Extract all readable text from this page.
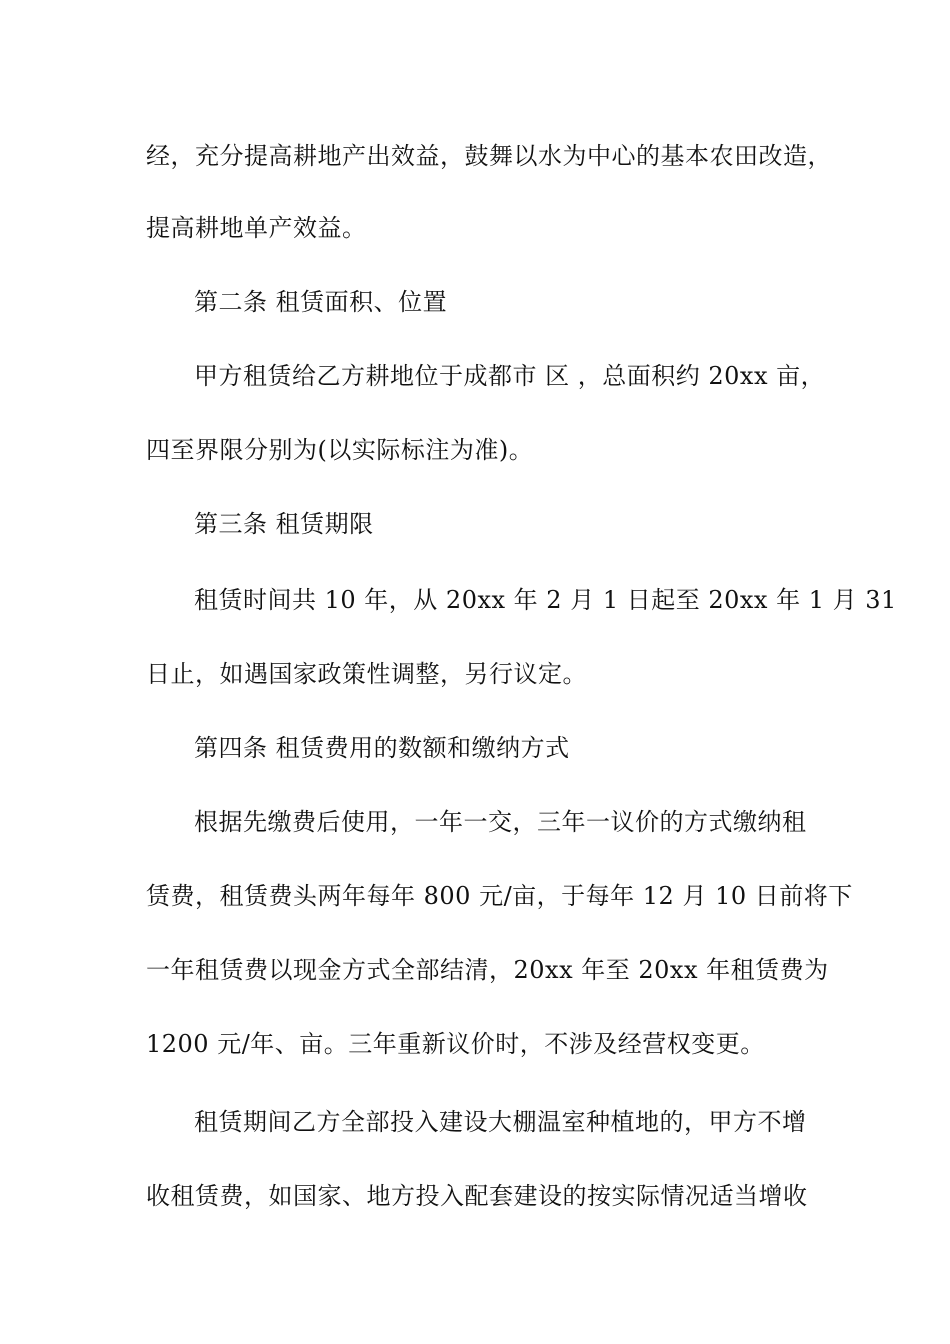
经，充分提高耕地产出效益，鼓舞以水为中心的基本农田改造，
提高耕地单产效益。
第二条 租赁面积、位置
甲方租赁给乙方耕地位于成都市 区 ，总面积约 20xx 亩，
四至界限分别为(以实际标注为准)。
第三条 租赁期限
租赁时间共 10 年，从 20xx 年 2 月 1 日起至 20xx 年 1 月 31
日止，如遇国家政策性调整，另行议定。
第四条 租赁费用的数额和缴纳方式
根据先缴费后使用，一年一交，三年一议价的方式缴纳租
赁费，租赁费头两年每年 800 元/亩，于每年 12 月 10 日前将下
一年租赁费以现金方式全部结清，20xx 年至 20xx 年租赁费为
1200 元/年、亩。三年重新议价时，不涉及经营权变更。
租赁期间乙方全部投入建设大棚温室种植地的，甲方不增
收租赁费，如国家、地方投入配套建设的按实际情况适当增收
